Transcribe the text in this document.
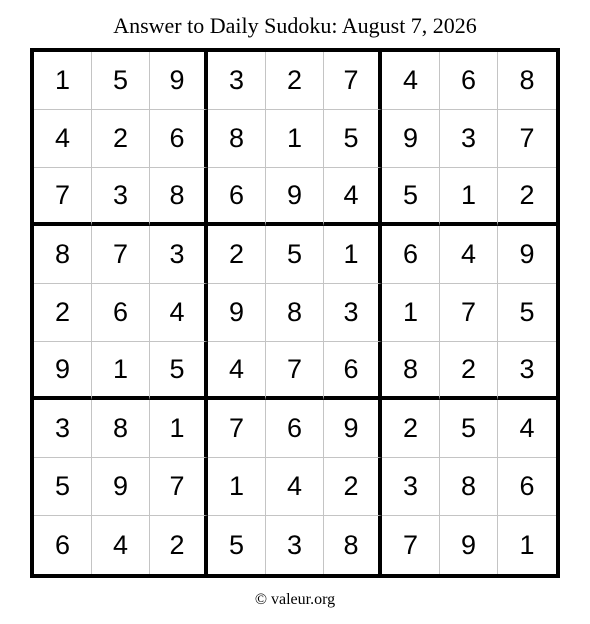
Answer to Daily Sudoku: August 7, 2026
1	5	9	3	2	7	4	6	8
4	2	6	8	1	5	9	3	7
7	3	8	6	9	4	5	1	2
8	7	3	2	5	1	6	4	9
2	6	4	9	8	3	1	7	5
9	1	5	4	7	6	8	2	3
3	8	1	7	6	9	2	5	4
5	9	7	1	4	2	3	8	6
6	4	2	5	3	8	7	9	1
© valeur.org
